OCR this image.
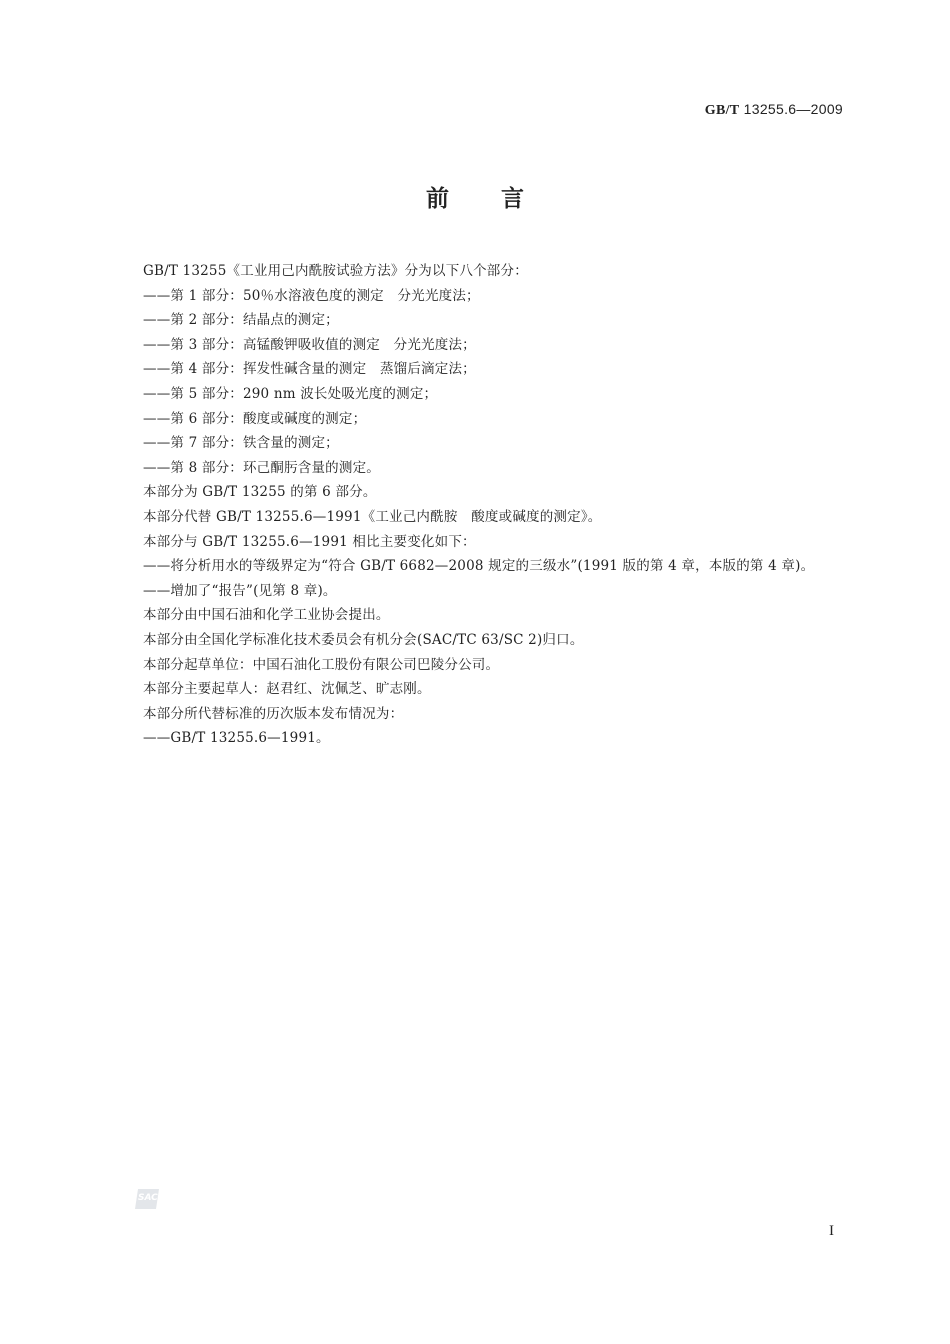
GB/T 13255.6—2009
前言

GB/T 13255《工业用己内酰胺试验方法》分为以下八个部分：

——第 1 部分：50％水溶液色度的测定　分光光度法；

——第 2 部分：结晶点的测定；

——第 3 部分：高锰酸钾吸收值的测定　分光光度法；

——第 4 部分：挥发性碱含量的测定　蒸馏后滴定法；

——第 5 部分：290 nm 波长处吸光度的测定；

——第 6 部分：酸度或碱度的测定；

——第 7 部分：铁含量的测定；

——第 8 部分：环己酮肟含量的测定。

本部分为 GB/T 13255 的第 6 部分。

本部分代替 GB/T 13255.6—1991《工业己内酰胺　酸度或碱度的测定》。

本部分与 GB/T 13255.6—1991 相比主要变化如下：

——将分析用水的等级界定为“符合 GB/T 6682—2008 规定的三级水”(1991 版的第 4 章，本版的第 4 章)。

——增加了“报告”(见第 8 章)。

本部分由中国石油和化学工业协会提出。

本部分由全国化学标准化技术委员会有机分会(SAC/TC 63/SC 2)归口。

本部分起草单位：中国石油化工股份有限公司巴陵分公司。

本部分主要起草人：赵君红、沈佩芝、旷志刚。

本部分所代替标准的历次版本发布情况为：

——GB/T 13255.6—1991。

SAC
I
